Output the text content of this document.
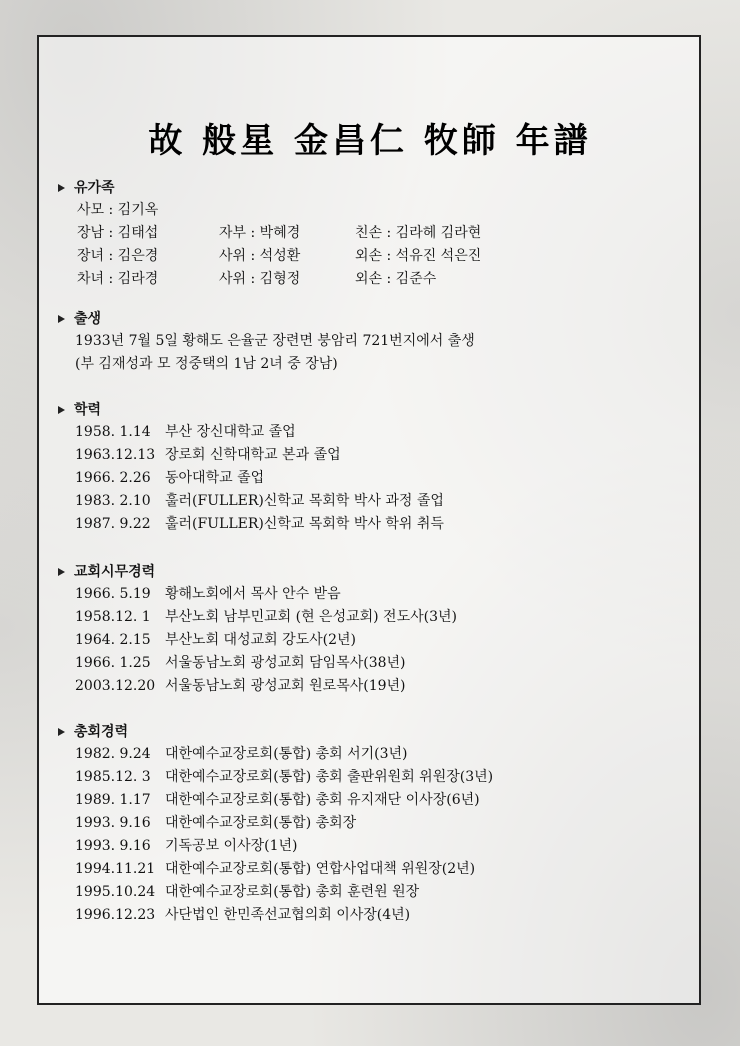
故 般星 金昌仁 牧師 年譜
유가족
사모 : 김기옥
장남 : 김태섭	자부 : 박혜경	친손 : 김라헤 김라현
장녀 : 김은경	사위 : 석성환	외손 : 석유진 석은진
차녀 : 김라경	사위 : 김형정	외손 : 김준수
출생
1933년 7월 5일 황해도 은율군 장련면 붕암리 721번지에서 출생
(부 김재성과 모 정중택의 1남 2녀 중 장남)
학력
1958. 1.14	부산 장신대학교 졸업
1963.12.13 장로회 신학대학교 본과 졸업
1966. 2.26	동아대학교 졸업
1983. 2.10	훌러(FULLER)신학교 목회학 박사 과정 졸업
1987. 9.22	훌러(FULLER)신학교 목회학 박사 학위 취득
교회시무경력
1966. 5.19	황해노회에서 목사 안수 받음
1958.12. 1	부산노회 남부민교회 (현 은성교회) 전도사(3년)
1964. 2.15	부산노회 대성교회 강도사(2년)
1966. 1.25	서울동남노회 광성교회 담임목사(38년)
2003.12.20 서울동남노회 광성교회 원로목사(19년)
총회경력
1982. 9.24	대한예수교장로회(통합) 총회 서기(3년)
1985.12. 3	대한예수교장로회(통합) 총회 출판위원회 위원장(3년)
1989. 1.17	대한예수교장로회(통합) 총회 유지재단 이사장(6년)
1993. 9.16	대한예수교장로회(통합) 총회장
1993. 9.16	기독공보 이사장(1년)
1994.11.21 대한예수교장로회(통합) 연합사업대책 위원장(2년)
1995.10.24 대한예수교장로회(통합) 총회 훈련원 원장
1996.12.23 사단법인 한민족선교협의회 이사장(4년)
